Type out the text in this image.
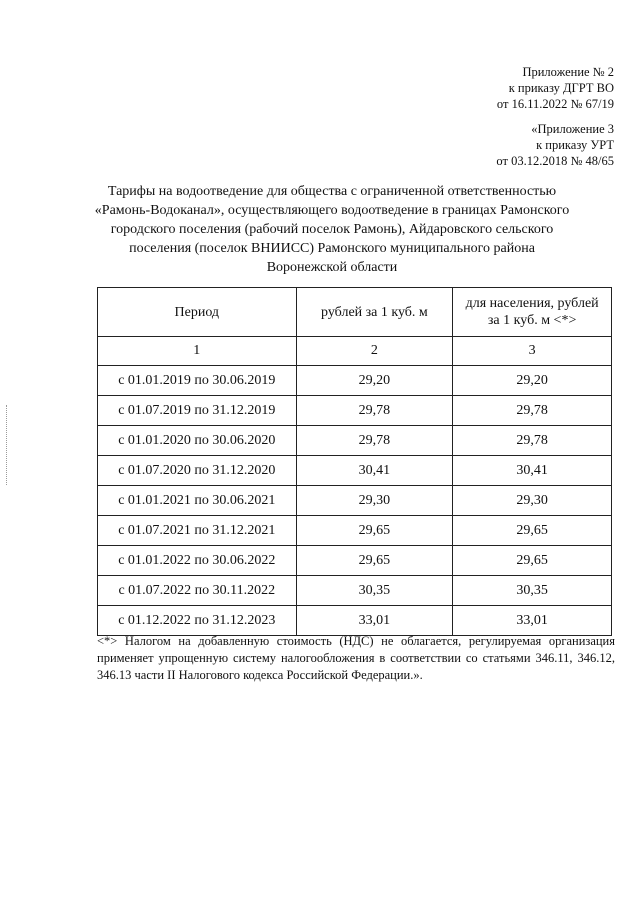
Приложение № 2
к приказу ДГРТ ВО
от 16.11.2022 № 67/19
«Приложение 3
к приказу УРТ
от 03.12.2018 № 48/65
Тарифы на водоотведение для общества с ограниченной ответственностью
«Рамонь-Водоканал», осуществляющего водоотведение в границах Рамонского
городского поселения (рабочий поселок Рамонь), Айдаровского сельского
поселения (поселок ВНИИСС) Рамонского муниципального района
Воронежской области
Период	рублей за 1 куб. м	для населения, рублей
за 1 куб. м <*>

1	2	3
с 01.01.2019 по 30.06.2019	29,20	29,20
с 01.07.2019 по 31.12.2019	29,78	29,78
с 01.01.2020 по 30.06.2020	29,78	29,78
с 01.07.2020 по 31.12.2020	30,41	30,41
с 01.01.2021 по 30.06.2021	29,30	29,30
с 01.07.2021 по 31.12.2021	29,65	29,65
с 01.01.2022 по 30.06.2022	29,65	29,65
с 01.07.2022 по 30.11.2022	30,35	30,35
с 01.12.2022 по 31.12.2023	33,01	33,01
<*> Налогом на добавленную стоимость (НДС) не облагается, регулируемая организация применяет упрощенную систему налогообложения в соответствии со статьями 346.11, 346.12, 346.13 части II Налогового кодекса Российской Федерации.».
